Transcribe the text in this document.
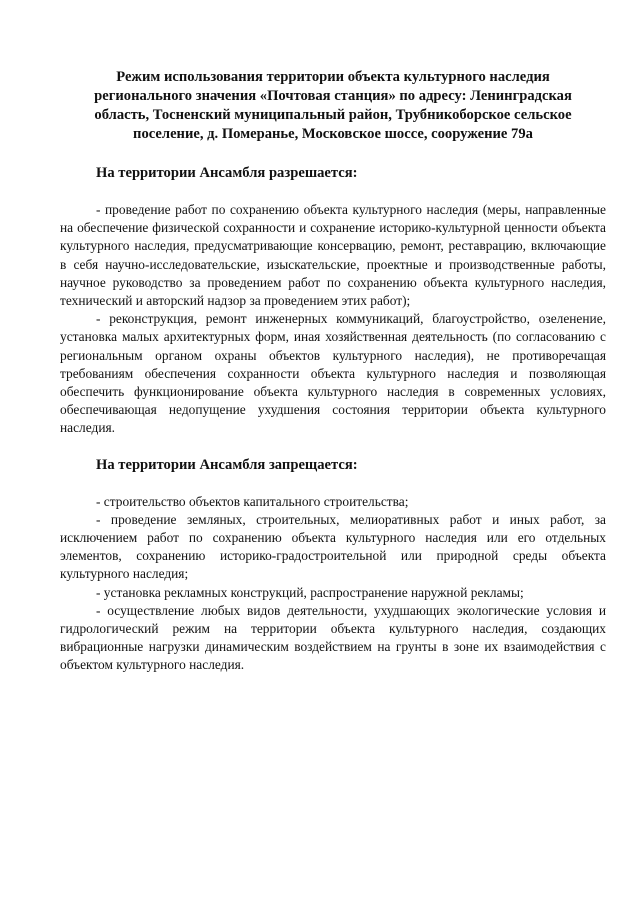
Режим использования территории объекта культурного наследия регионального значения «Почтовая станция» по адресу: Ленинградская область, Тосненский муниципальный район, Трубникоборское сельское поселение, д. Померанье, Московское шоссе, сооружение 79а
На территории Ансамбля разрешается:

- проведение работ по сохранению объекта культурного наследия (меры, направленные на обеспечение физической сохранности и сохранение историко-культурной ценности объекта культурного наследия, предусматривающие консервацию, ремонт, реставрацию, включающие в себя научно-исследовательские, изыскательские, проектные и производственные работы, научное руководство за проведением работ по сохранению объекта культурного наследия, технический и авторский надзор за проведением этих работ);

- реконструкция, ремонт инженерных коммуникаций, благоустройство, озеленение, установка малых архитектурных форм, иная хозяйственная деятельность (по согласованию с региональным органом охраны объектов культурного наследия), не противоречащая требованиям обеспечения сохранности объекта культурного наследия и позволяющая обеспечить функционирование объекта культурного наследия в современных условиях, обеспечивающая недопущение ухудшения состояния территории объекта культурного наследия.

На территории Ансамбля запрещается:

- строительство объектов капитального строительства;

- проведение земляных, строительных, мелиоративных работ и иных работ, за исключением работ по сохранению объекта культурного наследия или его отдельных элементов, сохранению историко-градостроительной или природной среды объекта культурного наследия;

- установка рекламных конструкций, распространение наружной рекламы;

- осуществление любых видов деятельности, ухудшающих экологические условия и гидрологический режим на территории объекта культурного наследия, создающих вибрационные нагрузки динамическим воздействием на грунты в зоне их взаимодействия с объектом культурного наследия.
